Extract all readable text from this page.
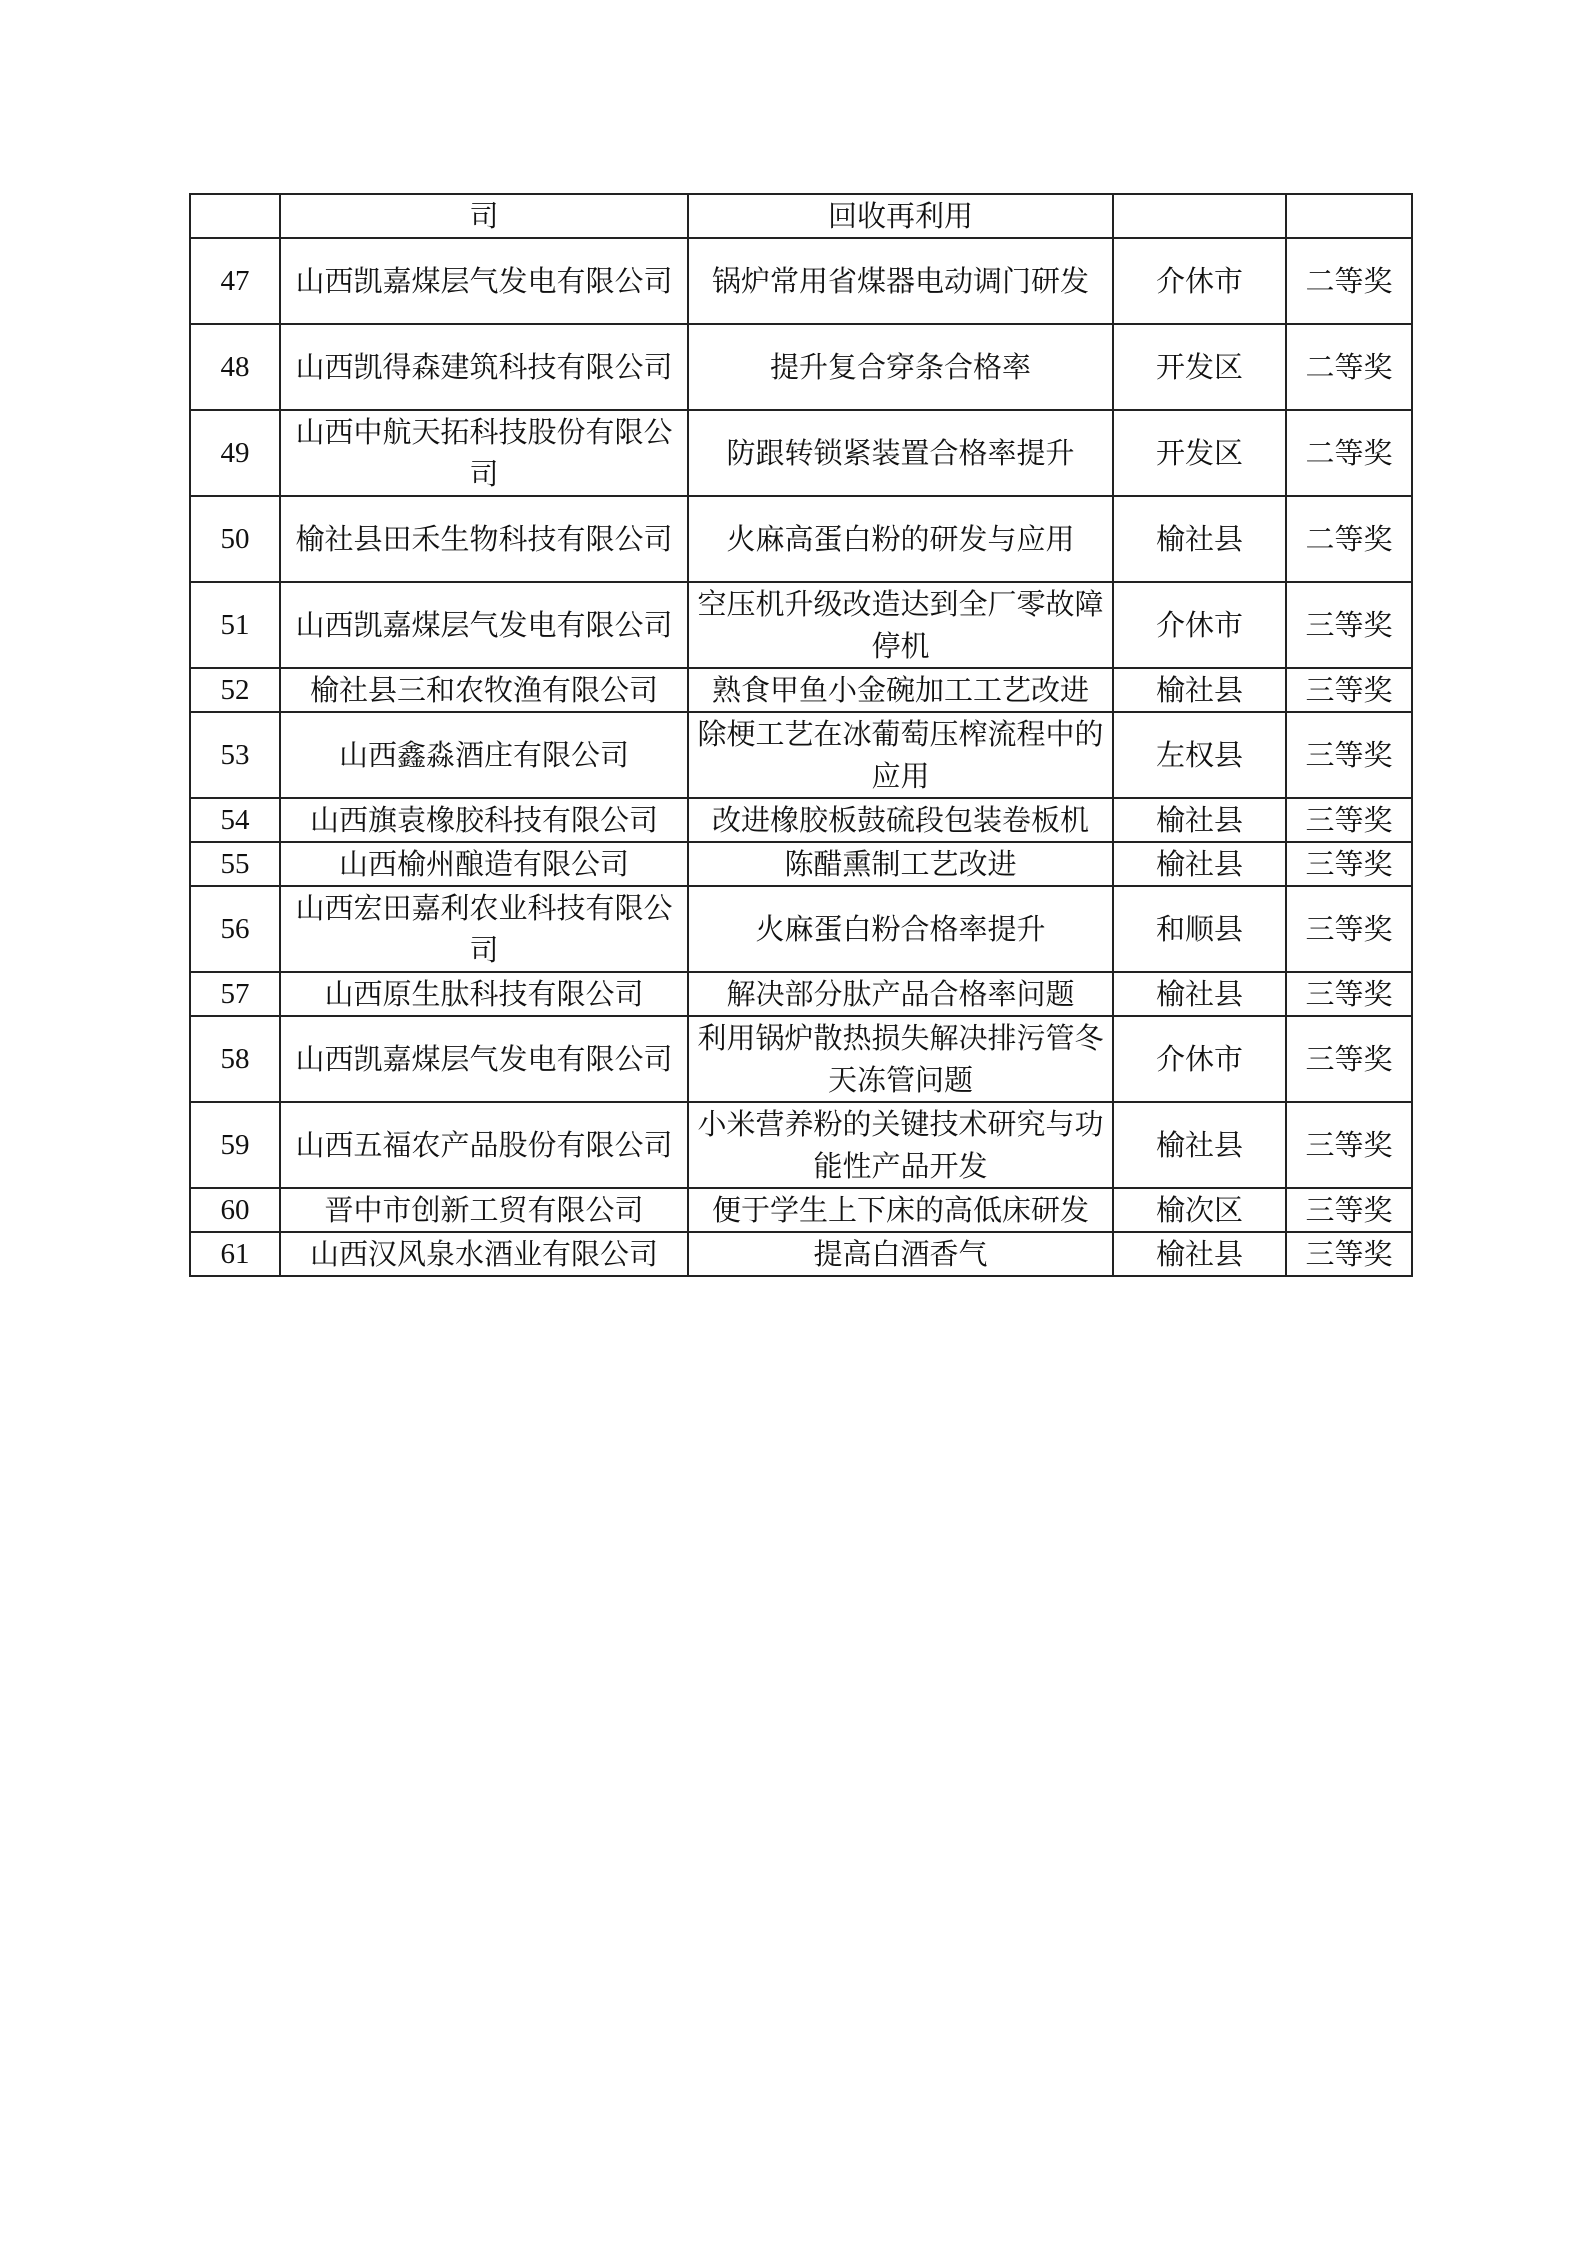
	司	回收再利用		
47	山西凯嘉煤层气发电有限公司	锅炉常用省煤器电动调门研发	介休市	二等奖
48	山西凯得森建筑科技有限公司	提升复合穿条合格率	开发区	二等奖
49	山西中航天拓科技股份有限公司	防跟转锁紧装置合格率提升	开发区	二等奖
50	榆社县田禾生物科技有限公司	火麻高蛋白粉的研发与应用	榆社县	二等奖
51	山西凯嘉煤层气发电有限公司	空压机升级改造达到全厂零故障停机	介休市	三等奖
52	榆社县三和农牧渔有限公司	熟食甲鱼小金碗加工工艺改进	榆社县	三等奖
53	山西鑫淼酒庄有限公司	除梗工艺在冰葡萄压榨流程中的应用	左权县	三等奖
54	山西旗袁橡胶科技有限公司	改进橡胶板鼓硫段包装卷板机	榆社县	三等奖
55	山西榆州酿造有限公司	陈醋熏制工艺改进	榆社县	三等奖
56	山西宏田嘉利农业科技有限公司	火麻蛋白粉合格率提升	和顺县	三等奖
57	山西原生肽科技有限公司	解决部分肽产品合格率问题	榆社县	三等奖
58	山西凯嘉煤层气发电有限公司	利用锅炉散热损失解决排污管冬天冻管问题	介休市	三等奖
59	山西五福农产品股份有限公司	小米营养粉的关键技术研究与功能性产品开发	榆社县	三等奖
60	晋中市创新工贸有限公司	便于学生上下床的高低床研发	榆次区	三等奖
61	山西汉风泉水酒业有限公司	提高白酒香气	榆社县	三等奖
